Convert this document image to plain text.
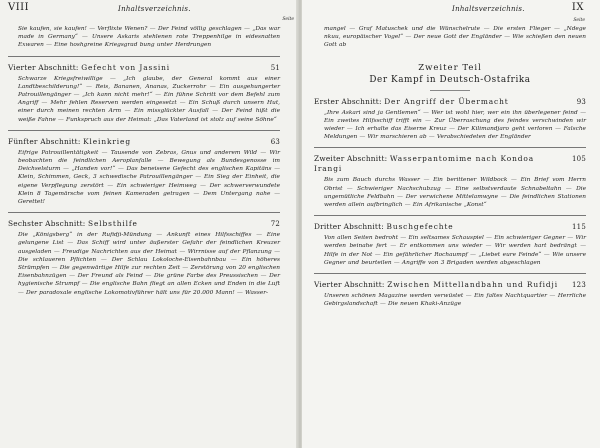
VIII	Inhaltsverzeichnis.
Seite

Sie kaufen, sie kaufen! — Verflixte Wenen? — Der Feind völlig geschlagen — „Das war made in Germany“ — Unsere Askaris stehlenen rote Treppenhilge in eidesnatten Exwaren — Eine hoshgreine Kriegsgrad bung unter Herdrungen

Vierter Abschnitt: Gefecht von Jassini	51

Schwarze Kriegsfreiwillige — „Ich glaube, der General kommt aus einer Landtbeschilderung!“ — Reis, Bananen, Ananas, Zuckerrohr — Ein ausgehungerter Patrouillengänger — „Ich kann nicht mehr!“ — Ein fühne Schritt vor dem Befehl zum Angriff — Mehr fehlen Reserven werden eingesetzt — Ein Schuß durch unsern Hut, einer durch meinen rechten Arm — Ein missglückter Ausfall — Der Feind hißt die weiße Fahne — Funkspruch aus der Heimat: „Das Vaterland ist stolz auf seine Söhne“

Fünfter Abschnitt: Kleinkrieg	63

Eifrige Patrouillentätigkeit — Tausende von Zebras, Gnus und anderem Wild — Wir beobachten die feindlichen Aeroplanfalle — Bewegung als Bundesgenosse im Deichselsturm — „Handen vor!“ — Das beneisene Gefecht des englischen Kapitäns — Klein, Schimmen, Geck, 3 schwedische Patrouillengänger — Ein Sieg der Einheit, die eigene Verpflegung zerstört — Ein schwieriger Heimweg — Der schwerverwundete Klein 8 Tagemärsche vom feinen Kameraden getragen — Dem Untergang nahe — Gerettet!

Sechster Abschnitt: Selbsthilfe	72

Die „Königsberg“ in der Rufidji-Mündung — Ankunft eines Hilfsschiffes — Eine gelungene List — Das Schiff wird unter äußerster Gefahr der feindlichen Kreuzer ausgeladen — Freudige Nachrichten aus der Heimat — Wirrnisse auf der Pflanzung — Die schlaueren Pflichten — Der Schlau Lokoloche-Eisenbahnbau — Ein höheres Strümpfen — Die gegenwärtige Hilfe zur rechten Zeit — Zerstörung von 20 englischen Eisenbahnzügen — Der Freund als Feind — Die grüne Farbe des Preussischen — Der hygienische Strumpf — Die englische Bahn fliegt an allen Ecken und Enden in die Luft — Der paradoxale englische Lokomotivführer hält uns für 20.000 Mann! — Wasser-

Inhaltsverzeichnis.	IX
Seite

mangel — Graf Matuschek und die Wünschelrute — Die ersten Flieger — „Ndege nkuu, europäischer Vogel“ — Der neue Gott der Engländer — Wie schießen den neuen Gott ab

Zweiter Teil
Der Kampf in Deutsch-Ostafrika
Erster Abschnitt: Der Angriff der Übermacht	93

„Ihre Askari sind ja Gentlemen“ — Wer ist wohl hier, wer ein ihn überlegener feind — Ein zweites Hilfsschiff trifft ein — Zur Überraschung des feindes verschwinden wir wieder — Ich erhalte das Eiserne Kreuz — Der Kilimandjaro geht verloren — Falsche Meldungen — Wir marschieren ab — Verabschiedeten der Engländer

Zweiter Abschnitt: Wasserpantomime nach Kondoa Irangi
105

Bis zum Bauch durchs Wasser — Ein berittener Wildbock — Ein Brief vom Herrn Obrist — Schwieriger Nachschubzug — Eine selbstverdaute Schnabeltahn — Die ungemütliche Feldbahn — Der verwichene Mittelamwyne — Die feindlichen Stationen werden allein aufbringlich — Ein Afrikanische „Konst“

Dritter Abschnitt: Buschgefechte	115

Von allen Seiten bedroht — Ein seltsames Schauspiel — Ein schwieriger Gegner — Wir werden beinahe fert — Er entkommen uns wieder — Wir werden hart bedrängt — Hilfe in der Not — Ein gefährlicher Rochaumpf — „Liebet eure Feinde“ — Wie unsere Gegner und beurteilen — Angriffe von 3 Brigaden werden abgeschlagen

Vierter Abschnitt: Zwischen Mittellandbahn und Rufidji 123

Unseren schönen Magazine werden verwüstet — Ein faltes Nachtquartier — Herrliche Gebirgslandschaft — Die neuen Khaki-Anzüge
